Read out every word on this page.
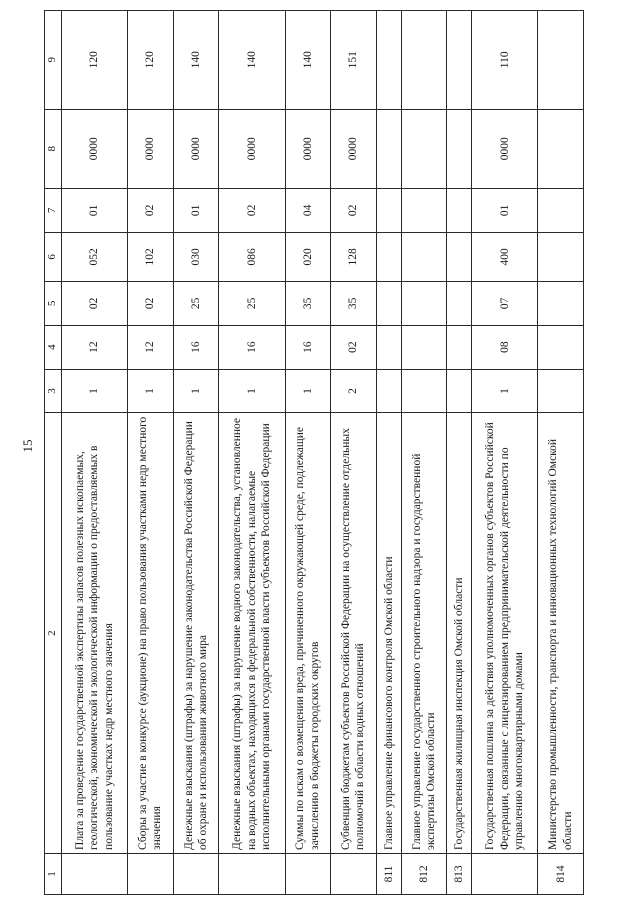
15
1	2	3	4	5	6	7	8	9
	Плата за проведение государственной экспертизы запасов полезных ископаемых, геологической, экономической и экологической информации о предоставляемых в пользование участках недр местного значения	1	12	02	052	01	0000	120
	Сборы за участие в конкурсе (аукционе) на право пользования участками недр местного значения	1	12	02	102	02	0000	120
	Денежные взыскания (штрафы) за нарушение законодательства Российской Федерации об охране и использовании животного мира	1	16	25	030	01	0000	140
	Денежные взыскания (штрафы) за нарушение водного законодательства, установленное на водных объектах, находящихся в федеральной собственности, налагаемые исполнительными органами государственной власти субъектов Российской Федерации	1	16	25	086	02	0000	140
	Суммы по искам о возмещении вреда, причиненного окружающей среде, подлежащие зачислению в бюджеты городских округов	1	16	35	020	04	0000	140
	Субвенции бюджетам субъектов Российской Федерации на осуществление отдельных полномочий в области водных отношений	2	02	35	128	02	0000	151
811	Главное управление финансового контроля Омской области							
812	Главное управление государственного строительного надзора и государственной экспертизы Омской области							
813	Государственная жилищная инспекция Омской области							
	Государственная пошлина за действия уполномоченных органов субъектов Российской Федерации, связанные с лицензированием предпринимательской деятельности по управлению многоквартирными домами	1	08	07	400	01	0000	110
814	Министерство промышленности, транспорта и инновационных технологий Омской области							
